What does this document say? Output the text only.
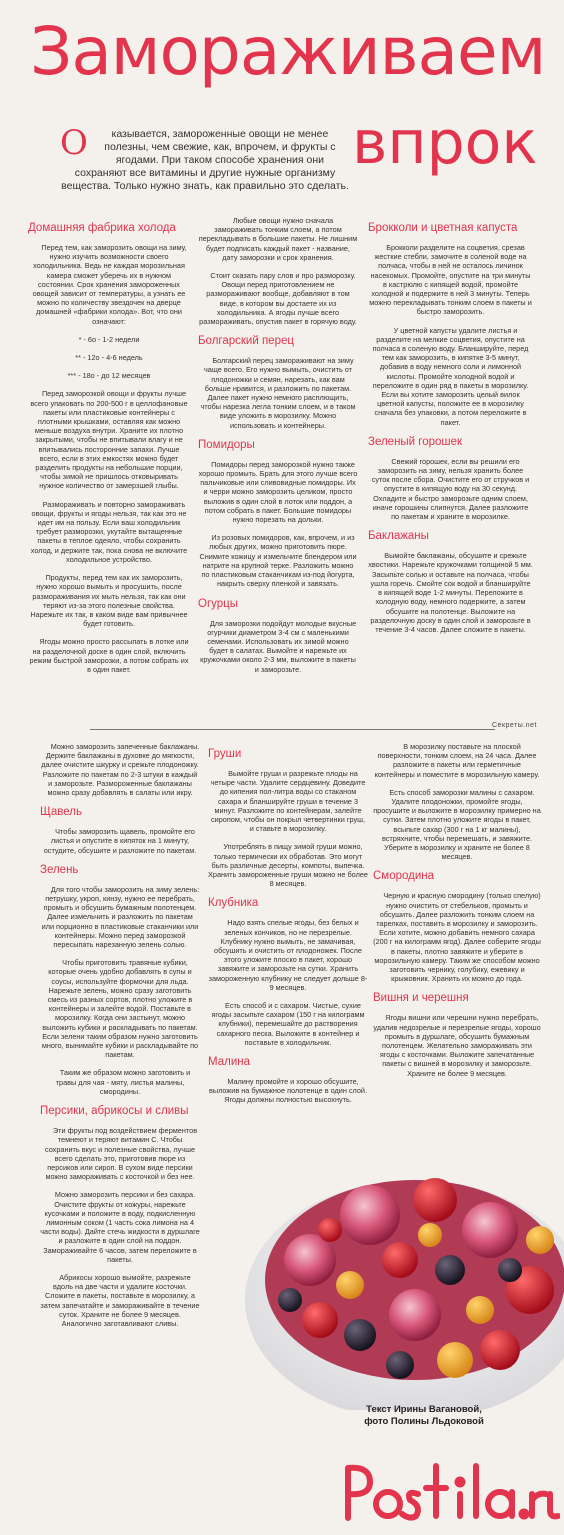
Замораживаем
впрок
О казывается, замороженные овощи не менее полезны, чем свежие, как, впрочем, и фрукты с ягодами. При таком способе хранения они сохраняют все витамины и другие нужные организму вещества. Только нужно знать, как правильно это сделать.
Домашняя фабрика холода

Перед тем, как заморозить овощи на зиму, нужно изучить возможности своего холодильника. Ведь не каждая морозильная камера сможет уберечь их в нужном состоянии. Срок хранения замороженных овощей зависит от температуры, а узнать ее можно по количеству звездочек на дверце домашней «фабрики холода». Вот, что они означают:

* - 6о - 1-2 недели

** - 12о - 4-6 недель

*** - 18о - до 12 месяцев

Перед заморозкой овощи и фрукты лучше всего упаковать по 200-500 г в целлофановые пакеты или пластиковые контейнеры с плотными крышками, оставляя как можно меньше воздуха внутри. Храните их плотно закрытыми, чтобы не впитывали влагу и не впитывались посторонние запахи. Лучше всего, если в этих емкостях можно будет разделить продукты на небольшие порции, чтобы зимой не пришлось отковыривать нужное количество от замерзшей глыбы.

Размораживать и повторно замораживать овощи, фрукты и ягоды нельзя, так как это не идет им на пользу. Если ваш холодильник требует разморозки, укутайте вытащенные пакеты в теплое одеяло, чтобы сохранить холод, и держите так, пока снова не включите холодильное устройство.

Продукты, перед тем как их заморозить, нужно хорошо вымыть и просушить, после размораживания их мыть нельзя, так как они теряют из-за этого полезные свойства. Нарежьте их так, в каком виде вам привычнее будет готовить.

Ягоды можно просто рассыпать в лотке или на разделочной доске в один слой, включить режим быстрой заморозки, а потом собрать их в один пакет.

Любые овощи нужно сначала замораживать тонким слоем, а потом перекладывать в большие пакеты. Не лишним будет подписать каждый пакет - название, дату заморозки и срок хранения.

Стоит сказать пару слов и про разморозку. Овощи перед приготовлением не размораживают вообще, добавляют в том виде, в котором вы достаете их из холодильника. А ягоды лучше всего размораживать, опустив пакет в горячую воду.

Болгарский перец

Болгарский перец замораживают на зиму чаще всего. Его нужно вымыть, очистить от плодоножки и семян, нарезать, как вам больше нравится, и разложить по пакетам. Далее пакет нужно немного расплющить, чтобы нарезка легла тонким слоем, и в таком виде уложить в морозилку. Можно использовать и контейнеры.

Помидоры

Помидоры перед заморозкой нужно также хорошо промыть. Брать для этого лучше всего пальчиковые или сливовидные помидоры. Их и черри можно заморозить целиком, просто выложив в один слой в лоток или поддон, а потом собрать в пакет. Большие помидоры нужно порезать на дольки.

Из розовых помидоров, как, впрочем, и из любых других, можно приготовить пюре. Снимите кожицу и измельчите блендером или натрите на крупной терке. Разложить можно по пластиковым стаканчикам из-под йогурта, накрыть сверху пленкой и завязать.

Огурцы

Для заморозки подойдут молодые вкусные огурчики диаметром 3-4 см с маленькими семенами. Использовать их зимой можно будет в салатах. Вымойте и нарежьте их кружочками около 2-3 мм, выложите в пакеты и заморозьте.

Брокколи и цветная капуста

Брокколи разделите на соцветия, срезав жесткие стебли, замочите в соленой воде на полчаса, чтобы в ней не осталось личинок насекомых. Промойте, опустите на три минуты в кастрюлю с кипящей водой, промойте холодной и подержите в ней 3 минуты. Теперь можно перекладывать тонким слоем в пакеты и быстро заморозить.

У цветной капусты удалите листья и разделите на мелкие соцветия, опустите на полчаса в соленую воду. Бланшируйте, перед тем как заморозить, в кипятке 3-5 минут, добавив в воду немного соли и лимонной кислоты. Промойте холодной водой и переложите в один ряд в пакеты в морозилку. Если вы хотите заморозить целый вилок цветной капусты, положите ее в морозилку сначала без упаковки, а потом переложите в пакет.

Зеленый горошек

Свежий горошек, если вы решили его заморозить на зиму, нельзя хранить более суток после сбора. Очистите его от стручков и опустите в кипящую воду на 30 секунд. Охладите и быстро заморозьте одним слоем, иначе горошины слипнутся. Далее разложите по пакетам и храните в морозилке.

Баклажаны

Вымойте баклажаны, обсушите и срежьте хвостики. Нарежьте кружочками толщиной 5 мм. Засыпьте солью и оставьте на полчаса, чтобы ушла горечь. Смойте сок водой и бланшируйте в кипящей воде 1-2 минуты. Переложите в холодную воду, немного подержите, а затем обсушите на полотенце. Выложите на разделочную доску в один слой и заморозьте в течение 3-4 часов. Далее сложите в пакеты.

Секреты.net

Можно заморозить запеченные баклажаны. Держите баклажаны в духовке до мягкости, далее очистите шкурку и срежьте плодоножку. Разложите по пакетам по 2-3 штуки в каждый и заморозьте. Размороженные баклажаны можно сразу добавлять в салаты или икру.

Щавель

Чтобы заморозить щавель, промойте его листья и опустите в кипяток на 1 минуту, остудите, обсушите и разложите по пакетам.

Зелень

Для того чтобы заморозить на зиму зелень: петрушку, укроп, кинзу, нужно ее перебрать, промыть и обсушить бумажным полотенцем. Далее измельчить и разложить по пакетам или порционно в пластиковые стаканчики или контейнеры. Можно перед заморозкой пересыпать нарезанную зелень солью.

Чтобы приготовить травяные кубики, которые очень удобно добавлять в супы и соусы, используйте формочки для льда. Нарежьте зелень, можно сразу заготовить смесь из разных сортов, плотно уложите в контейнеры и залейте водой. Поставьте в морозилку. Когда они застынут, можно выложить кубики и раскладывать по пакетам. Если зелени таким образом нужно заготовить много, вынимайте кубики и раскладывайте по пакетам.

Таким же образом можно заготовить и травы для чая - мяту, листья малины, смородины.

Персики, абрикосы и сливы

Эти фрукты под воздействием ферментов темнеют и теряют витамин С. Чтобы сохранить вкус и полезные свойства, лучше всего сделать это, приготовив пюре из персиков или сироп. В сухом виде персики можно замораживать с косточкой и без нее.

Можно заморозить персики и без сахара. Очистите фрукты от кожуры, нарежьте кусочками и положите в воду, подкисленную лимонным соком (1 часть сока лимона на 4 части воды). Дайте стечь жидкости в дуршлаге и разложите в один слой на поддон. Замораживайте 6 часов, затем переложите в пакеты.

Абрикосы хорошо вымойте, разрежьте вдоль на две части и удалите косточки. Сложите в пакеты, поставьте в морозилку, а затем запечатайте и замораживайте в течение суток. Храните не более 9 месяцев. Аналогично заготавливают сливы.

Груши

Вымойте груши и разрежьте плоды на четыре части. Удалите сердцевину. Доведите до кипения пол-литра воды со стаканом сахара и бланшируйте груши в течение 3 минут. Разложите по контейнерам, залейте сиропом, чтобы он покрыл четвертинки груш, и ставьте в морозилку.

Употреблять в пищу зимой груши можно, только термически их обработав. Это могут быть различные десерты, компоты, выпечка. Хранить замороженные груши можно не более 8 месяцев.

Клубника

Надо взять спелые ягоды, без белых и зеленых кончиков, но не перезрелые. Клубнику нужно вымыть, не замачивая, обсушить и очистить от плодоножек. После этого уложите плоско в пакет, хорошо завяжите и заморозьте на сутки. Хранить замороженную клубнику не следует дольше 8-9 месяцев.

Есть способ и с сахаром. Чистые, сухие ягоды засыпьте сахаром (150 г на килограмм клубники), перемешайте до растворения сахарного песка. Выложите в контейнер и поставьте в холодильник.

Малина

Малину промойте и хорошо обсушите, выложив на бумажное полотенце в один слой. Ягоды должны полностью высохнуть.

В морозилку поставьте на плоской поверхности, тонким слоем, на 24 часа. Далее разложите в пакеты или герметичные контейнеры и поместите в морозильную камеру.

Есть способ заморозки малины с сахаром. Удалите плодоножки, промойте ягоды, просушите и выложите в морозилку примерно на сутки. Затем плотно уложите ягоды в пакет, всыпьте сахар (300 г на 1 кг малины), встряхните, чтобы перемешать, и завяжите. Уберите в морозилку и храните не более 8 месяцев.

Смородина

Черную и красную смородину (только спелую) нужно очистить от стебельков, промыть и обсушить. Далее разложить тонким слоем на тарелках, поставить в морозилку и заморозить. Если хотите, можно добавить немного сахара (200 г на килограмм ягод). Далее соберите ягоды в пакеты, плотно завяжите и уберите в морозильную камеру. Таким же способом можно заготовить чернику, голубику, ежевику и крыжовник. Хранить их можно до года.

Вишня и черешня

Ягоды вишни или черешни нужно перебрать, удалив недозрелые и перезрелые ягоды, хорошо промыть в дуршлаге, обсушить бумажным полотенцем. Желательно замораживать эти ягоды с косточками. Выложите запечатанные пакеты с вишней в морозилку и заморозьте. Храните не более 9 месяцев.

Текст Ирины Вагановой,
фото Полины Льдоковой
